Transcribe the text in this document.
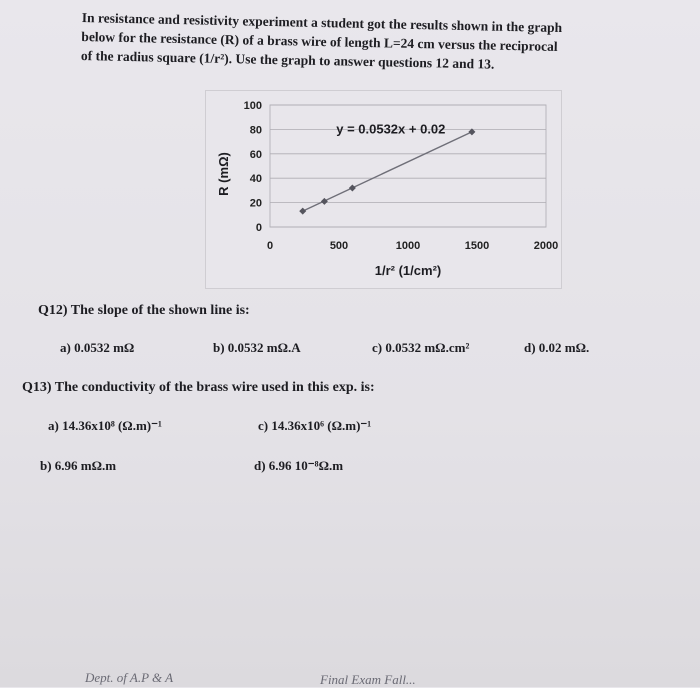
In resistance and resistivity experiment a student got the results shown in the graph
below for the resistance (R) of a brass wire of length L=24 cm versus the reciprocal
of the radius square (1/r²). Use the graph to answer questions 12 and 13.
0
20
40
60
80
100
0	500	1000	1500	2000
y = 0.0532x + 0.02
1/r² (1/cm²)
R (mΩ)
Q12) The slope of the shown line is:
a) 0.0532 mΩ	b) 0.0532 mΩ.A	c) 0.0532 mΩ.cm²	d) 0.02 mΩ.
Q13) The conductivity of the brass wire used in this exp. is:
a) 14.36x10⁸ (Ω.m)⁻¹	c) 14.36x10⁶ (Ω.m)⁻¹
b) 6.96 mΩ.m	d) 6.96 10⁻⁸Ω.m
Dept. of A.P & A	Final Exam Fall...
